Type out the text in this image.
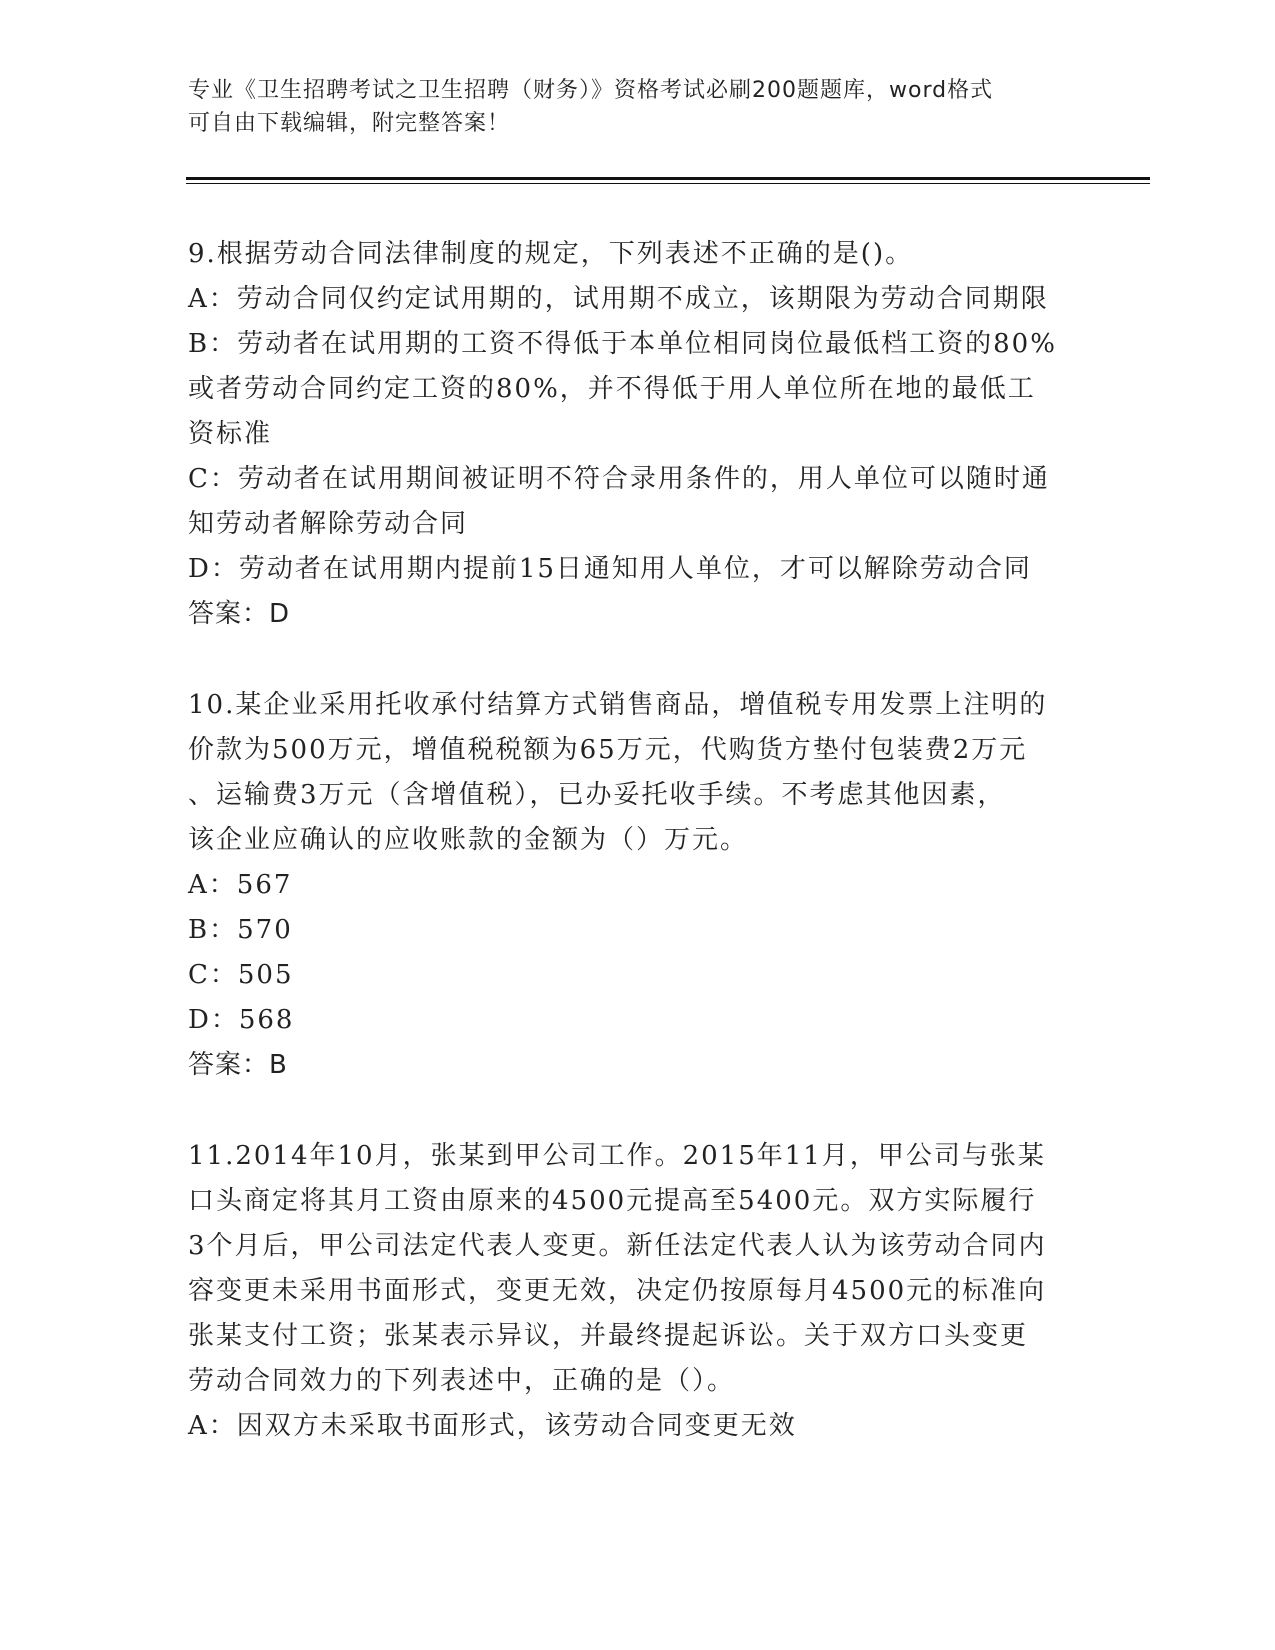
专业《卫生招聘考试之卫生招聘（财务）》资格考试必刷200题题库，word格式
可自由下载编辑，附完整答案！
9.根据劳动合同法律制度的规定，下列表述不正确的是()。
A：劳动合同仅约定试用期的，试用期不成立，该期限为劳动合同期限
B：劳动者在试用期的工资不得低于本单位相同岗位最低档工资的80%
或者劳动合同约定工资的80%，并不得低于用人单位所在地的最低工
资标准
C：劳动者在试用期间被证明不符合录用条件的，用人单位可以随时通
知劳动者解除劳动合同
D：劳动者在试用期内提前15日通知用人单位，才可以解除劳动合同
答案：D
10.某企业采用托收承付结算方式销售商品，增值税专用发票上注明的
价款为500万元，增值税税额为65万元，代购货方垫付包装费2万元
、运输费3万元（含增值税），已办妥托收手续。不考虑其他因素，
该企业应确认的应收账款的金额为（）万元。
A：567
B：570
C：505
D：568
答案：B
11.2014年10月，张某到甲公司工作。2015年11月，甲公司与张某
口头商定将其月工资由原来的4500元提高至5400元。双方实际履行
3个月后，甲公司法定代表人变更。新任法定代表人认为该劳动合同内
容变更未采用书面形式，变更无效，决定仍按原每月4500元的标准向
张某支付工资；张某表示异议，并最终提起诉讼。关于双方口头变更
劳动合同效力的下列表述中，正确的是（）。
A：因双方未采取书面形式，该劳动合同变更无效
